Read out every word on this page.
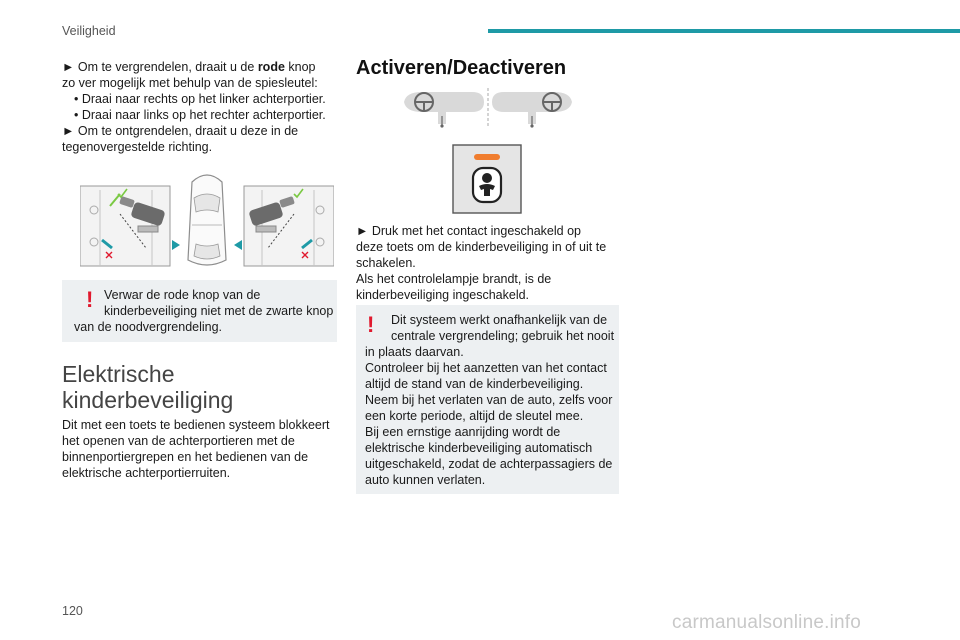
Veiligheid
► Om te vergrendelen, draait u de rode knop
zo ver mogelijk met behulp van de spiesleutel:
• Draai naar rechts op het linker achterportier.
• Draai naar links op het rechter achterportier.
► Om te ontgrendelen, draait u deze in de
tegenovergestelde richting.
! Verwar de rode knop van de
kinderbeveiliging niet met de zwarte knop
van de noodvergrendeling.
Elektrische
kinderbeveiliging
Dit met een toets te bedienen systeem blokkeert
het openen van de achterportieren met de
binnenportiergrepen en het bedienen van de
elektrische achterportierruiten.
Activeren/Deactiveren
► Druk met het contact ingeschakeld op
deze toets om de kinderbeveiliging in of uit te
schakelen.
Als het controlelampje brandt, is de
kinderbeveiliging ingeschakeld.
!	Dit systeem werkt onafhankelijk van de
centrale vergrendeling; gebruik het nooit
in plaats daarvan.
Controleer bij het aanzetten van het contact
altijd de stand van de kinderbeveiliging.
Neem bij het verlaten van de auto, zelfs voor
een korte periode, altijd de sleutel mee.
Bij een ernstige aanrijding wordt de
elektrische kinderbeveiliging automatisch
uitgeschakeld, zodat de achterpassagiers de
auto kunnen verlaten.
120
carmanualsonline.info
